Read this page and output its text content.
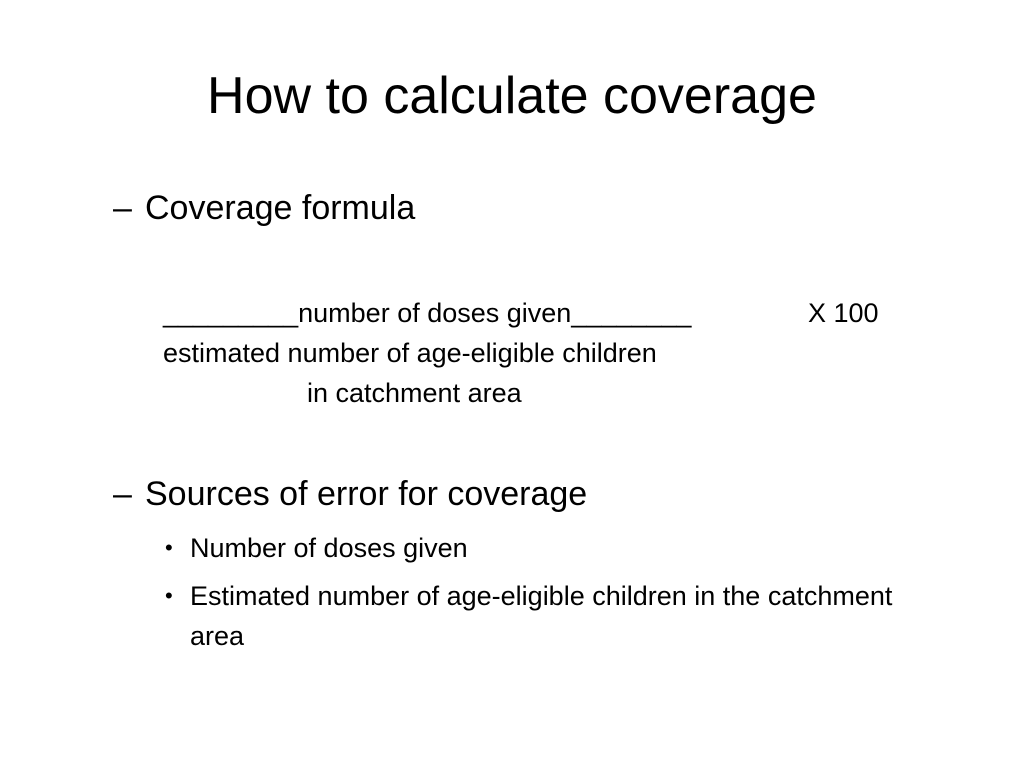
How to calculate coverage
– Coverage formula
_________number of doses given________	X 100
estimated number of age-eligible children
in catchment area
– Sources of error for coverage
• Number of doses given
• Estimated number of age-eligible children in the catchment area
